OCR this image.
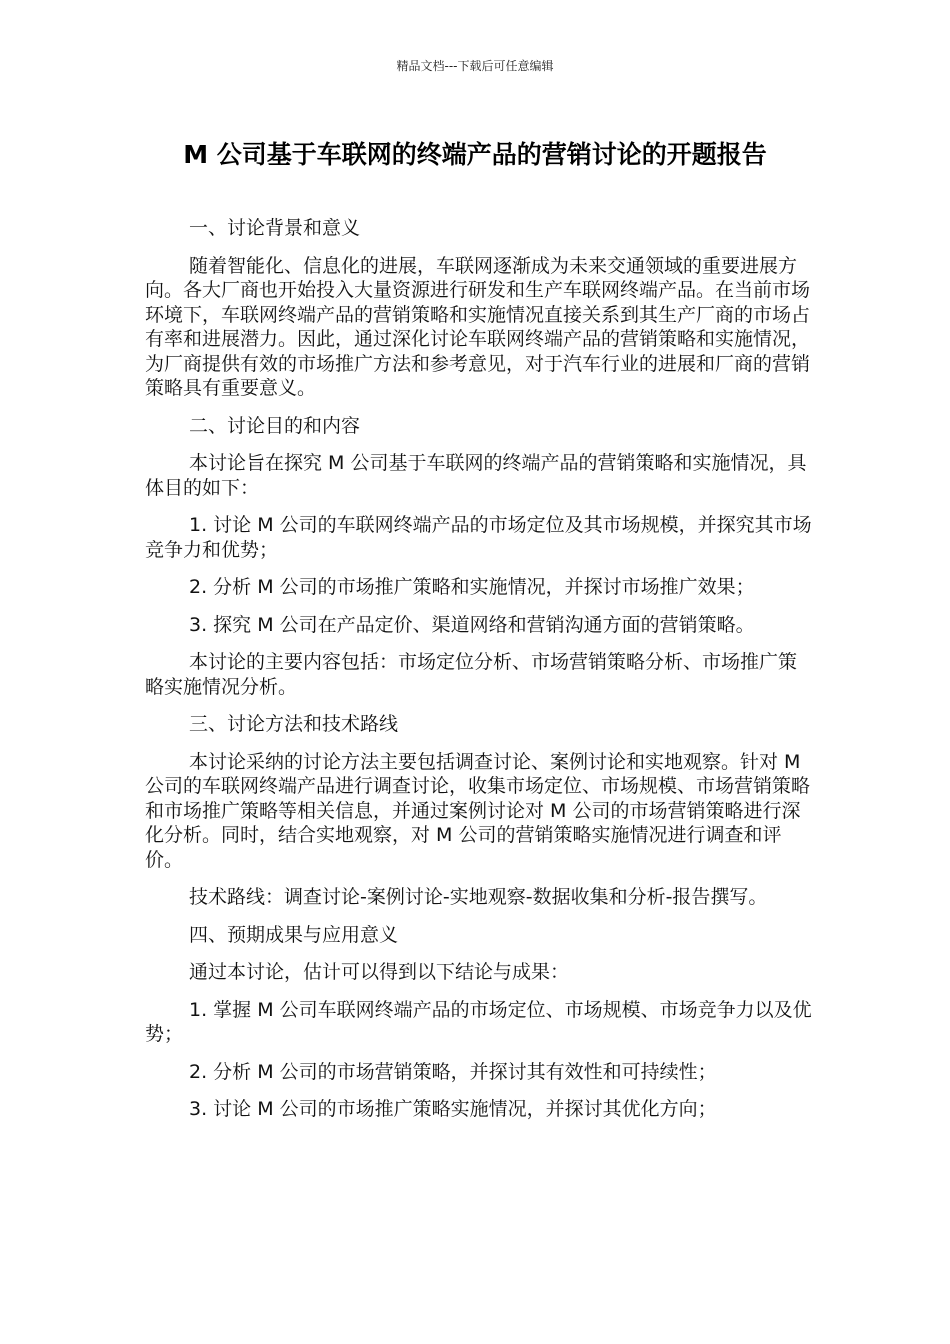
精品文档---下载后可任意编辑
M 公司基于车联网的终端产品的营销讨论的开题报告
一、讨论背景和意义

随着智能化、信息化的进展，车联网逐渐成为未来交通领域的重要进展方向。各大厂商也开始投入大量资源进行研发和生产车联网终端产品。在当前市场环境下，车联网终端产品的营销策略和实施情况直接关系到其生产厂商的市场占有率和进展潜力。因此，通过深化讨论车联网终端产品的营销策略和实施情况，为厂商提供有效的市场推广方法和参考意见，对于汽车行业的进展和厂商的营销策略具有重要意义。

二、讨论目的和内容

本讨论旨在探究 M 公司基于车联网的终端产品的营销策略和实施情况，具体目的如下：

1. 讨论 M 公司的车联网终端产品的市场定位及其市场规模，并探究其市场竞争力和优势；

2. 分析 M 公司的市场推广策略和实施情况，并探讨市场推广效果；

3. 探究 M 公司在产品定价、渠道网络和营销沟通方面的营销策略。

本讨论的主要内容包括：市场定位分析、市场营销策略分析、市场推广策略实施情况分析。

三、讨论方法和技术路线

本讨论采纳的讨论方法主要包括调查讨论、案例讨论和实地观察。针对 M 公司的车联网终端产品进行调查讨论，收集市场定位、市场规模、市场营销策略和市场推广策略等相关信息，并通过案例讨论对 M 公司的市场营销策略进行深化分析。同时，结合实地观察，对 M 公司的营销策略实施情况进行调查和评价。

技术路线：调查讨论-案例讨论-实地观察-数据收集和分析-报告撰写。

四、预期成果与应用意义

通过本讨论，估计可以得到以下结论与成果：

1. 掌握 M 公司车联网终端产品的市场定位、市场规模、市场竞争力以及优势；

2. 分析 M 公司的市场营销策略，并探讨其有效性和可持续性；

3. 讨论 M 公司的市场推广策略实施情况，并探讨其优化方向；
